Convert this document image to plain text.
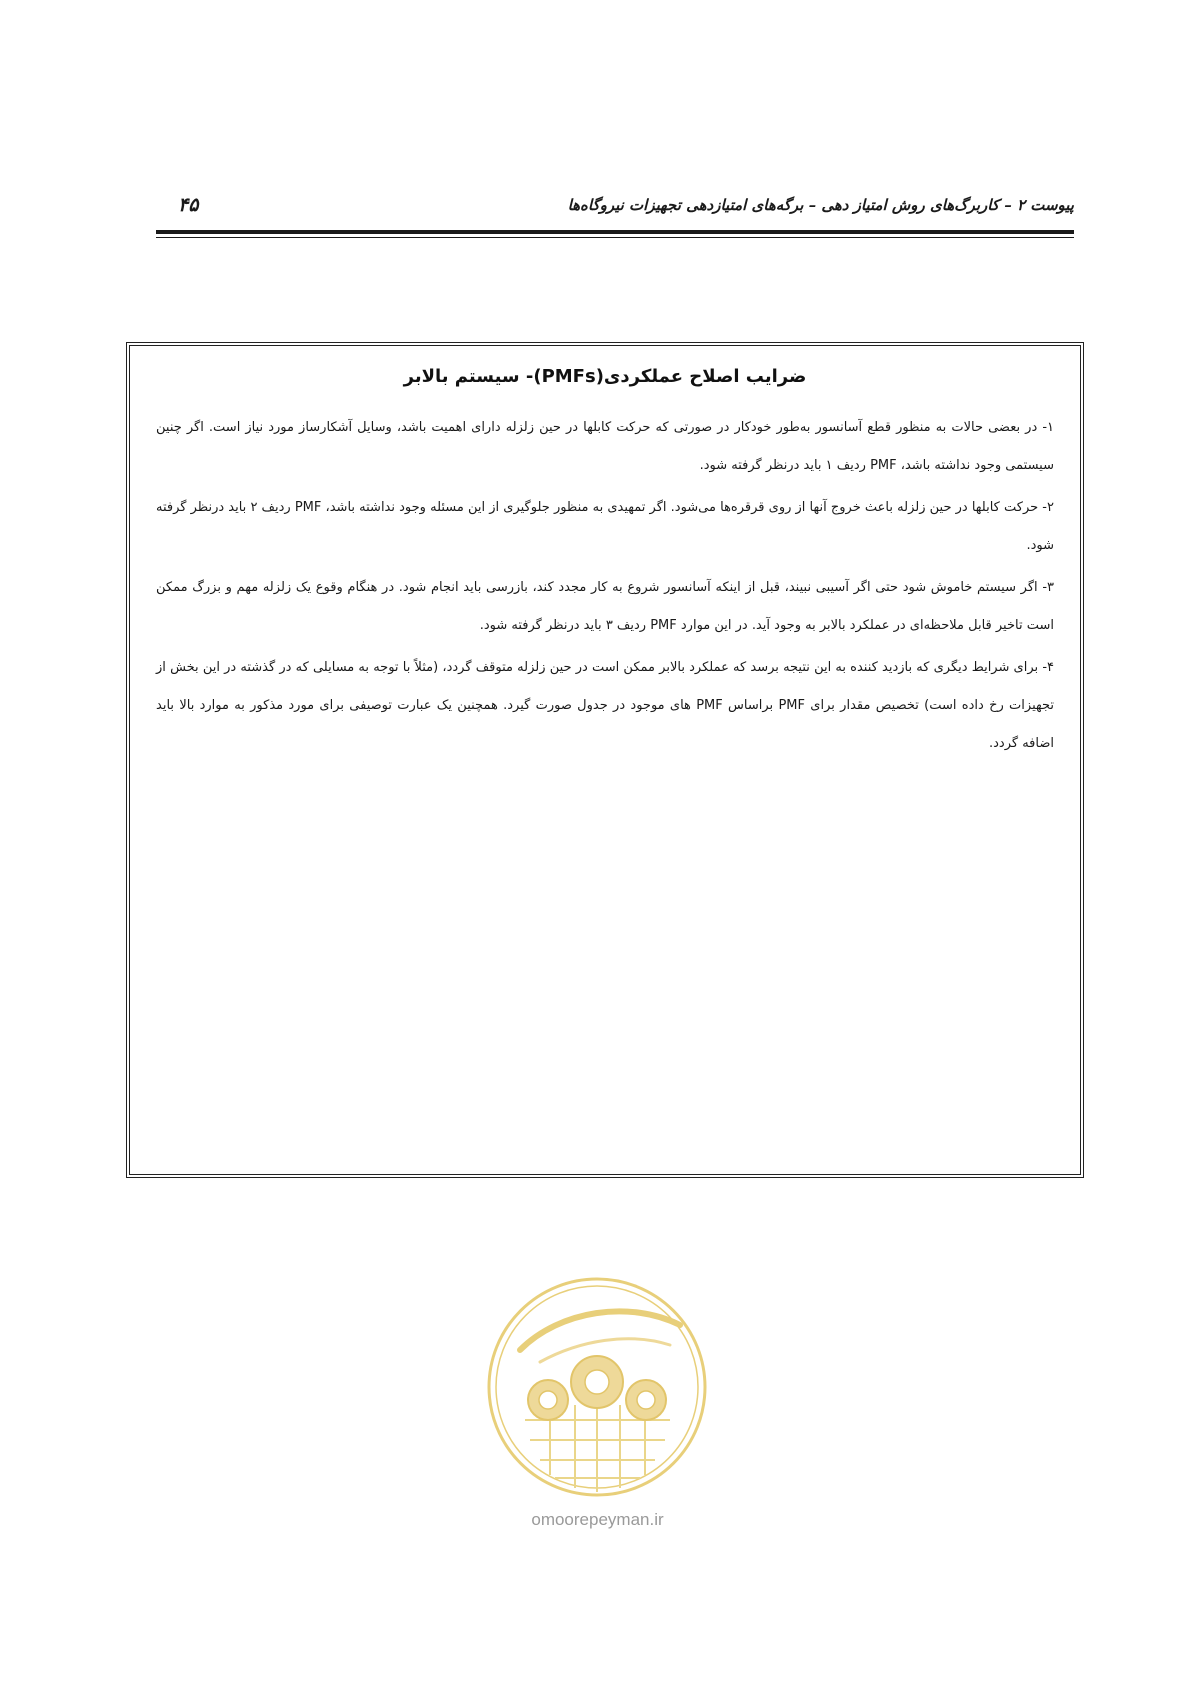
پیوست ۲ – کاربرگ‌های روش امتیاز دهی – برگه‌های امتیازدهی تجهیزات نیروگاه‌ها
۴۵
ضرایب اصلاح عملکردی(PMFs)- سیستم بالابر

۱- در بعضی حالات به منظور قطع آسانسور به‌طور خودکار در صورتی که حرکت کابلها در حین زلزله دارای اهمیت باشد، وسایل آشکارساز مورد نیاز است. اگر چنین سیستمی وجود نداشته باشد، PMF ردیف ۱ باید درنظر گرفته شود.

۲- حرکت کابلها در حین زلزله باعث خروج آنها از روی قرقره‌ها می‌شود. اگر تمهیدی به منظور جلوگیری از این مسئله وجود نداشته باشد، PMF ردیف ۲ باید درنظر گرفته شود.

۳- اگر سیستم خاموش شود حتی اگر آسیبی نبیند، قبل از اینکه آسانسور شروع به کار مجدد کند، بازرسی باید انجام شود. در هنگام وقوع یک زلزله مهم و بزرگ ممکن است تاخیر قابل ملاحظه‌ای در عملکرد بالابر به وجود آید. در این موارد PMF ردیف ۳ باید درنظر گرفته شود.

۴- برای شرایط دیگری که بازدید کننده به این نتیجه برسد که عملکرد بالابر ممکن است در حین زلزله متوقف گردد، (مثلاً با توجه به مسایلی که در گذشته در این بخش از تجهیزات رخ داده است) تخصیص مقدار برای PMF براساس PMF های موجود در جدول صورت گیرد. همچنین یک عبارت توصیفی برای مورد مذکور به موارد بالا باید اضافه گردد.

omoorepeyman.ir
